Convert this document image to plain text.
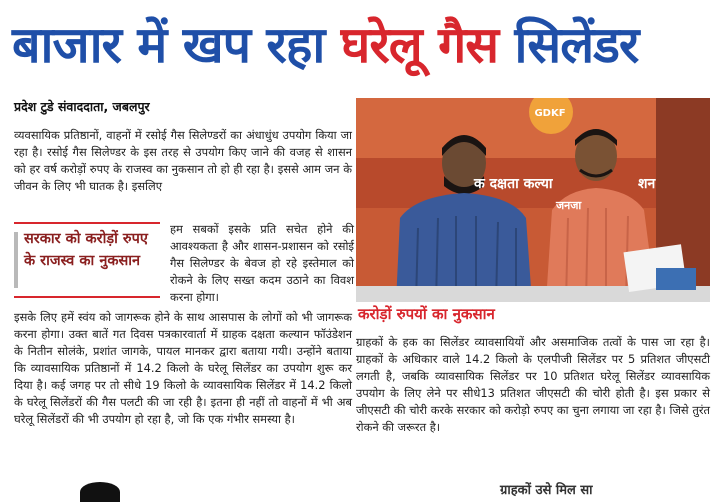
बाजार में खप रहा घरेलू गैस सिलेंडर
प्रदेश टुडे संवाददाता, जबलपुर

व्यवसायिक प्रतिष्ठानों, वाहनों में रसोई गैस सिलेण्डरों का अंधाधुंध उपयोग किया जा रहा है। रसोई गैस सिलेण्डर के इस तरह से उपयोग किए जाने की वजह से शासन को हर वर्ष करोड़ों रुपए के राजस्व का नुकसान तो हो ही रहा है। इससे आम जन के जीवन के लिए भी घातक है। इसलिए

सरकार को करोड़ों रुपए के राजस्व का नुकसान

हम सबकों इसके प्रति सचेत होने की आवश्यकता है और शासन-प्रशासन को रसोई गैस सिलेण्डर के बेवज हो रहे इस्तेमाल को रोकने के लिए सख्त कदम उठाने का विवश करना होगा।

इसके लिए हमें स्वंय को जागरूक होने के साथ आसपास के लोगों को भी जागरूक करना होगा। उक्त बातें गत दिवस पत्रकारवार्ता में ग्राहक दक्षता कल्यान फॉउंडेशन के नितीन सोलंके, प्रशांत जागके, पायल मानकर द्वारा बताया गयी। उन्होंने बताया कि व्यावसायिक प्रतिष्ठानों में 14.2 किलो के घरेलू सिलेंडर का उपयोग शुरू कर दिया है। कई जगह पर तो सीधे 19 किलो के व्यावसायिक सिलेंडर में 14.2 किलो के घरेलू सिलेंडरों की गैस पलटी की जा रही है। इतना ही नहीं तो वाहनों में भी अब घरेलू सिलेंडरों की भी उपयोग हो रहा है, जो कि एक गंभीर समस्या है।

GDKF
क दक्षता कल्या	शन
जनजा
करोड़ों रुपयों का नुकसान

ग्राहकों के हक का सिलेंडर व्यावसायियों और असमाजिक तत्वों के पास जा रहा है। ग्राहकों के अधिकार वाले 14.2 किलो के एलपीजी सिलेंडर पर 5 प्रतिशत जीएसटी लगती है, जबकि व्यावसायिक सिलेंडर पर 10 प्रतिशत घरेलू सिलेंडर व्यावसायिक उपयोग के लिए लेने पर सीधे13 प्रतिशत जीएसटी की चोरी होती है। इस प्रकार से जीएसटी की चोरी करके सरकार को करोड़ो रुपए का चुना लगाया जा रहा है। जिसे तुरंत रोकने की जरूरत है।

ग्राहकों उसे मिल सा
